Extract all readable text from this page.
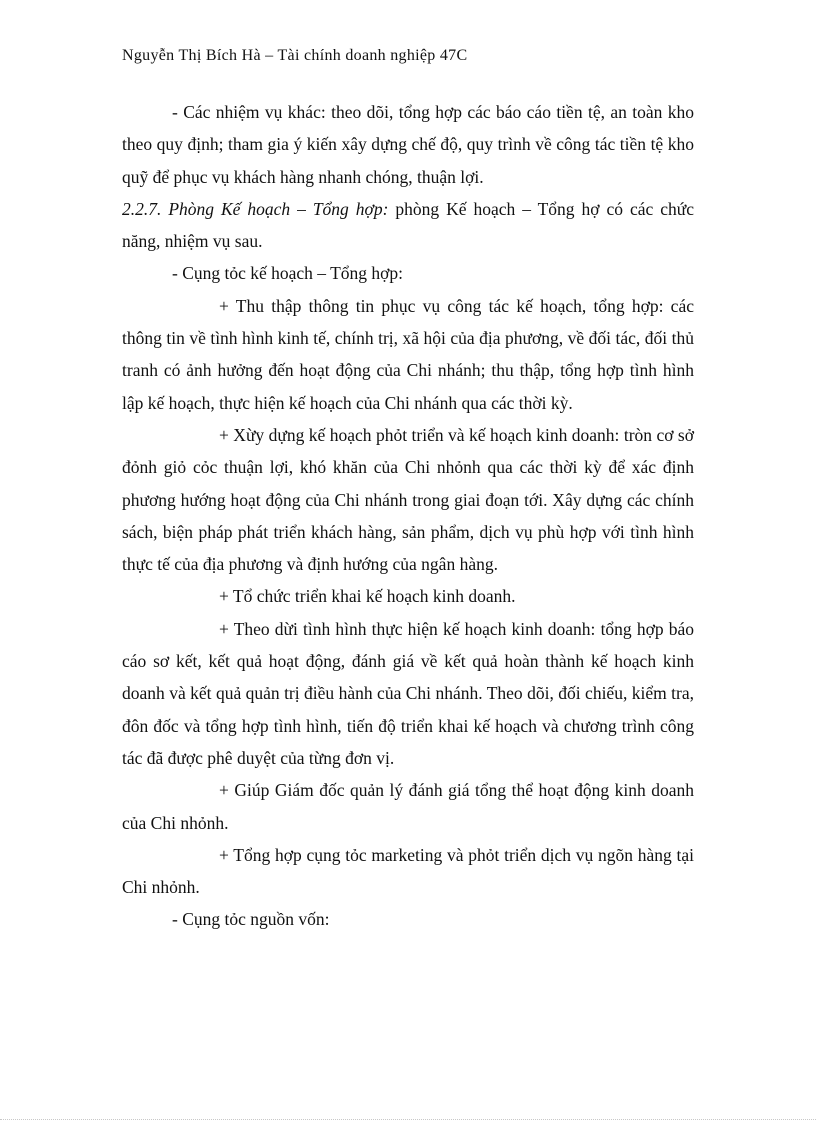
Nguyễn Thị Bích Hà – Tài chính doanh nghiệp 47C

- Các nhiệm vụ khác: theo dõi, tổng hợp các báo cáo tiền tệ, an toàn kho theo quy định; tham gia ý kiến xây dựng chế độ, quy trình về công tác tiền tệ kho quỹ để phục vụ khách hàng nhanh chóng, thuận lợi.

2.2.7. Phòng Kế hoạch – Tổng hợp: phòng Kế hoạch – Tổng hợ có các chức năng, nhiệm vụ sau.

- Cụng tỏc kế hoạch – Tổng hợp:

+ Thu thập thông tin phục vụ công tác kế hoạch, tổng hợp: các thông tin về tình hình kinh tế, chính trị, xã hội của địa phương, về đối tác, đối thủ tranh có ảnh hưởng đến hoạt động của Chi nhánh; thu thập, tổng hợp tình hình lập kế hoạch, thực hiện kế hoạch của Chi nhánh qua các thời kỳ.

+ Xừy dựng kế hoạch phỏt triển và kế hoạch kinh doanh: tròn cơ sở đỏnh giỏ cỏc thuận lợi, khó khăn của Chi nhỏnh qua các thời kỳ để xác định phương hướng hoạt động của Chi nhánh trong giai đoạn tới. Xây dựng các chính sách, biện pháp phát triển khách hàng, sản phẩm, dịch vụ phù hợp với tình hình thực tế của địa phương và định hướng của ngân hàng.

+ Tổ chức triển khai kế hoạch kinh doanh.

+ Theo dừi tình hình thực hiện kế hoạch kinh doanh: tổng hợp báo cáo sơ kết, kết quả hoạt động, đánh giá về kết quả hoàn thành kế hoạch kinh doanh và kết quả quản trị điều hành của Chi nhánh. Theo dõi, đối chiếu, kiểm tra, đôn đốc và tổng hợp tình hình, tiến độ triển khai kế hoạch và chương trình công tác đã được phê duyệt của từng đơn vị.

+ Giúp Giám đốc quản lý đánh giá tổng thể hoạt động kinh doanh của Chi nhỏnh.

+ Tổng hợp cụng tỏc marketing và phỏt triển dịch vụ ngõn hàng tại Chi nhỏnh.

- Cụng tỏc nguồn vốn:
